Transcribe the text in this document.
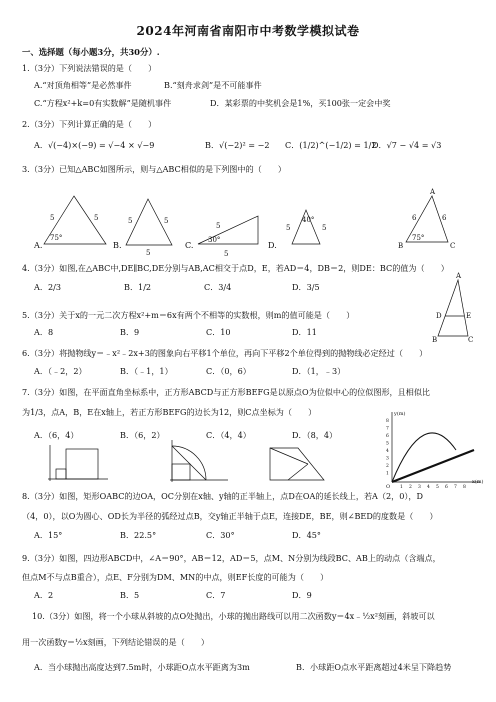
2024年河南省南阳市中考数学模拟试卷
一、选择题（每小题3分，共30分）.
1.（3分）下列说法错误的是（　　）
A.“对顶角相等”是必然事件	B.“刻舟求剑”是不可能事件
C.“方程x²+k=0有实数解”是随机事件	D．某彩票的中奖机会是1%，买100张一定会中奖
2.（3分）下列计算正确的是（　　）
A．√(−4)×(−9) = √−4 × √−9	B．√(−2)² = −2 C．(1/2)^(−1/2) = 1/2
D．√7 − √4 = √3
3.（3分）已知△ABC如图所示，则与△ABC相似的是下列图中的（　　）
A.	B.	C.	D.
5	5
75°
5	5
5
5
30°
5
5
40°
5
A
6	6
B
75°
C
4.（3分）如图,在△ABC中,DE∥BC,DE分别与AB,AC相交于点D，E，若AD＝4，DB＝2，则DE：BC的值为（　　）
A．2/3	B．1/2	C．3/4	D．3/5
A
D	E
B	C
5.（3分）关于x的一元二次方程x²+m＝6x有两个不相等的实数根，则m的值可能是（　　）
A．8	B．9	C．10	D．11
6.（3分）将抛物线y＝﹣x²﹣2x+3的图象向右平移1个单位，再向下平移2个单位得到的抛物线必定经过（　　）
A．（﹣2，2）	B．（﹣1，1）	C．（0，6）	D．（1，﹣3）
7.（3分）如图，在平面直角坐标系中，正方形ABCD与正方形BEFG是以原点O为位似中心的位似图形，且相似比
为1/3，点A，B，E在x轴上，若正方形BEFG的边长为12，则C点坐标为（　　）
A．（6，4）	B．（6，2）	C．（4，4）	D．（8，4）
y(m)
x(m)
O
8
7
6
5
4
3
2
1
1 2 3 4 5 6 7 8
8.（3分）如图，矩形OABC的边OA，OC分别在x轴、y轴的正半轴上，点D在OA的延长线上，若A（2，0），D
（4，0），以O为圆心、OD长为半径的弧经过点B，交y轴正半轴于点E，连接DE，BE，则∠BED的度数是（　　）
A．15°	B．22.5°	C．30°	D．45°
9.（3分）如图，四边形ABCD中，∠A＝90°，AB＝12，AD＝5，点M、N分别为线段BC、AB上的动点（含端点，
但点M不与点B重合），点E、F分别为DM、MN的中点，则EF长度的可能为（　　）
A．2	B．5	C．7	D．9
10.（3分）如图，将一个小球从斜坡的点O处抛出，小球的抛出路线可以用二次函数y＝4x﹣½x²刻画，斜坡可以
用一次函数y＝½x刻画，下列结论错误的是（　　）
A．当小球抛出高度达到7.5m时，小球距O点水平距离为3m	B．小球距O点水平距离超过4米呈下降趋势
